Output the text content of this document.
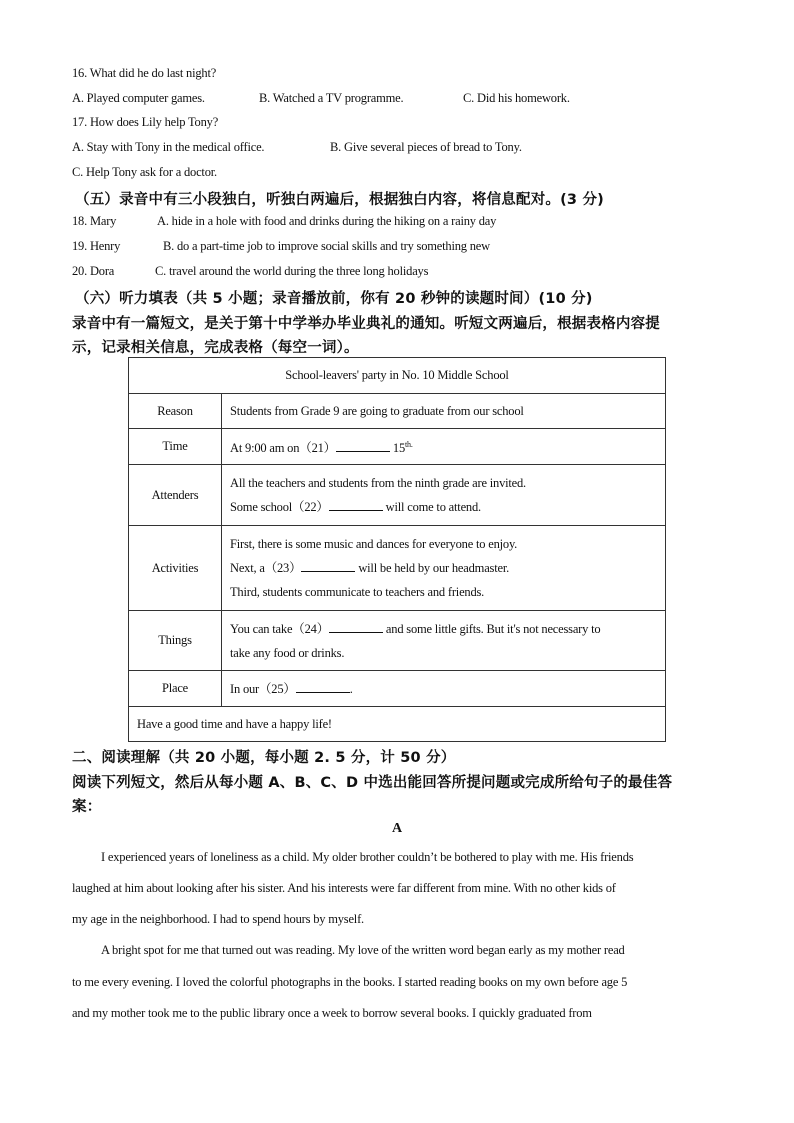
16. What did he do last night?
A. Played computer games.	B. Watched a TV programme.	C. Did his homework.
17. How does Lily help Tony?
A. Stay with Tony in the medical office.	B. Give several pieces of bread to Tony.
C. Help Tony ask for a doctor.
（五）录音中有三小段独白，听独白两遍后，根据独白内容，将信息配对。(3 分)
18. Mary	A. hide in a hole with food and drinks during the hiking on a rainy day
19. Henry	B. do a part-time job to improve social skills and try something new
20. Dora	C. travel around the world during the three long holidays
（六）听力填表（共 5 小题；录音播放前，你有 20 秒钟的读题时间）(10 分)
录音中有一篇短文，是关于第十中学举办毕业典礼的通知。听短文两遍后，根据表格内容提
示，记录相关信息，完成表格（每空一词）。
School-leavers' party in No. 10 Middle School	
Reason	Students from Grade 9 are going to graduate from our school

Time	At 9:00 am on（21） $15^{th.}$

Attenders	All the teachers and students from the ninth grade are invited.
Some school（22） will come to attend.

Activities	First, there is some music and dances for everyone to enjoy.
Next, a（23） will be held by our headmaster.
Third, students communicate to teachers and friends.

Things	You can take（24） and some little gifts. But it's not necessary to
take any food or drinks.

Place	In our（25） .

Have a good time and have a happy life!	
二、阅读理解（共 20 小题，每小题 2. 5 分，计 50 分）
阅读下列短文，然后从每小题 A、B、C、D 中选出能回答所提问题或完成所给句子的最佳答
案：
A
I experienced years of loneliness as a child. My older brother couldn’t be bothered to play with me. His friends
laughed at him about looking after his sister. And his interests were far different from mine. With no other kids of
my age in the neighborhood. I had to spend hours by myself.
A bright spot for me that turned out was reading. My love of the written word began early as my mother read
to me every evening. I loved the colorful photographs in the books. I started reading books on my own before age 5
and my mother took me to the public library once a week to borrow several books. I quickly graduated from
